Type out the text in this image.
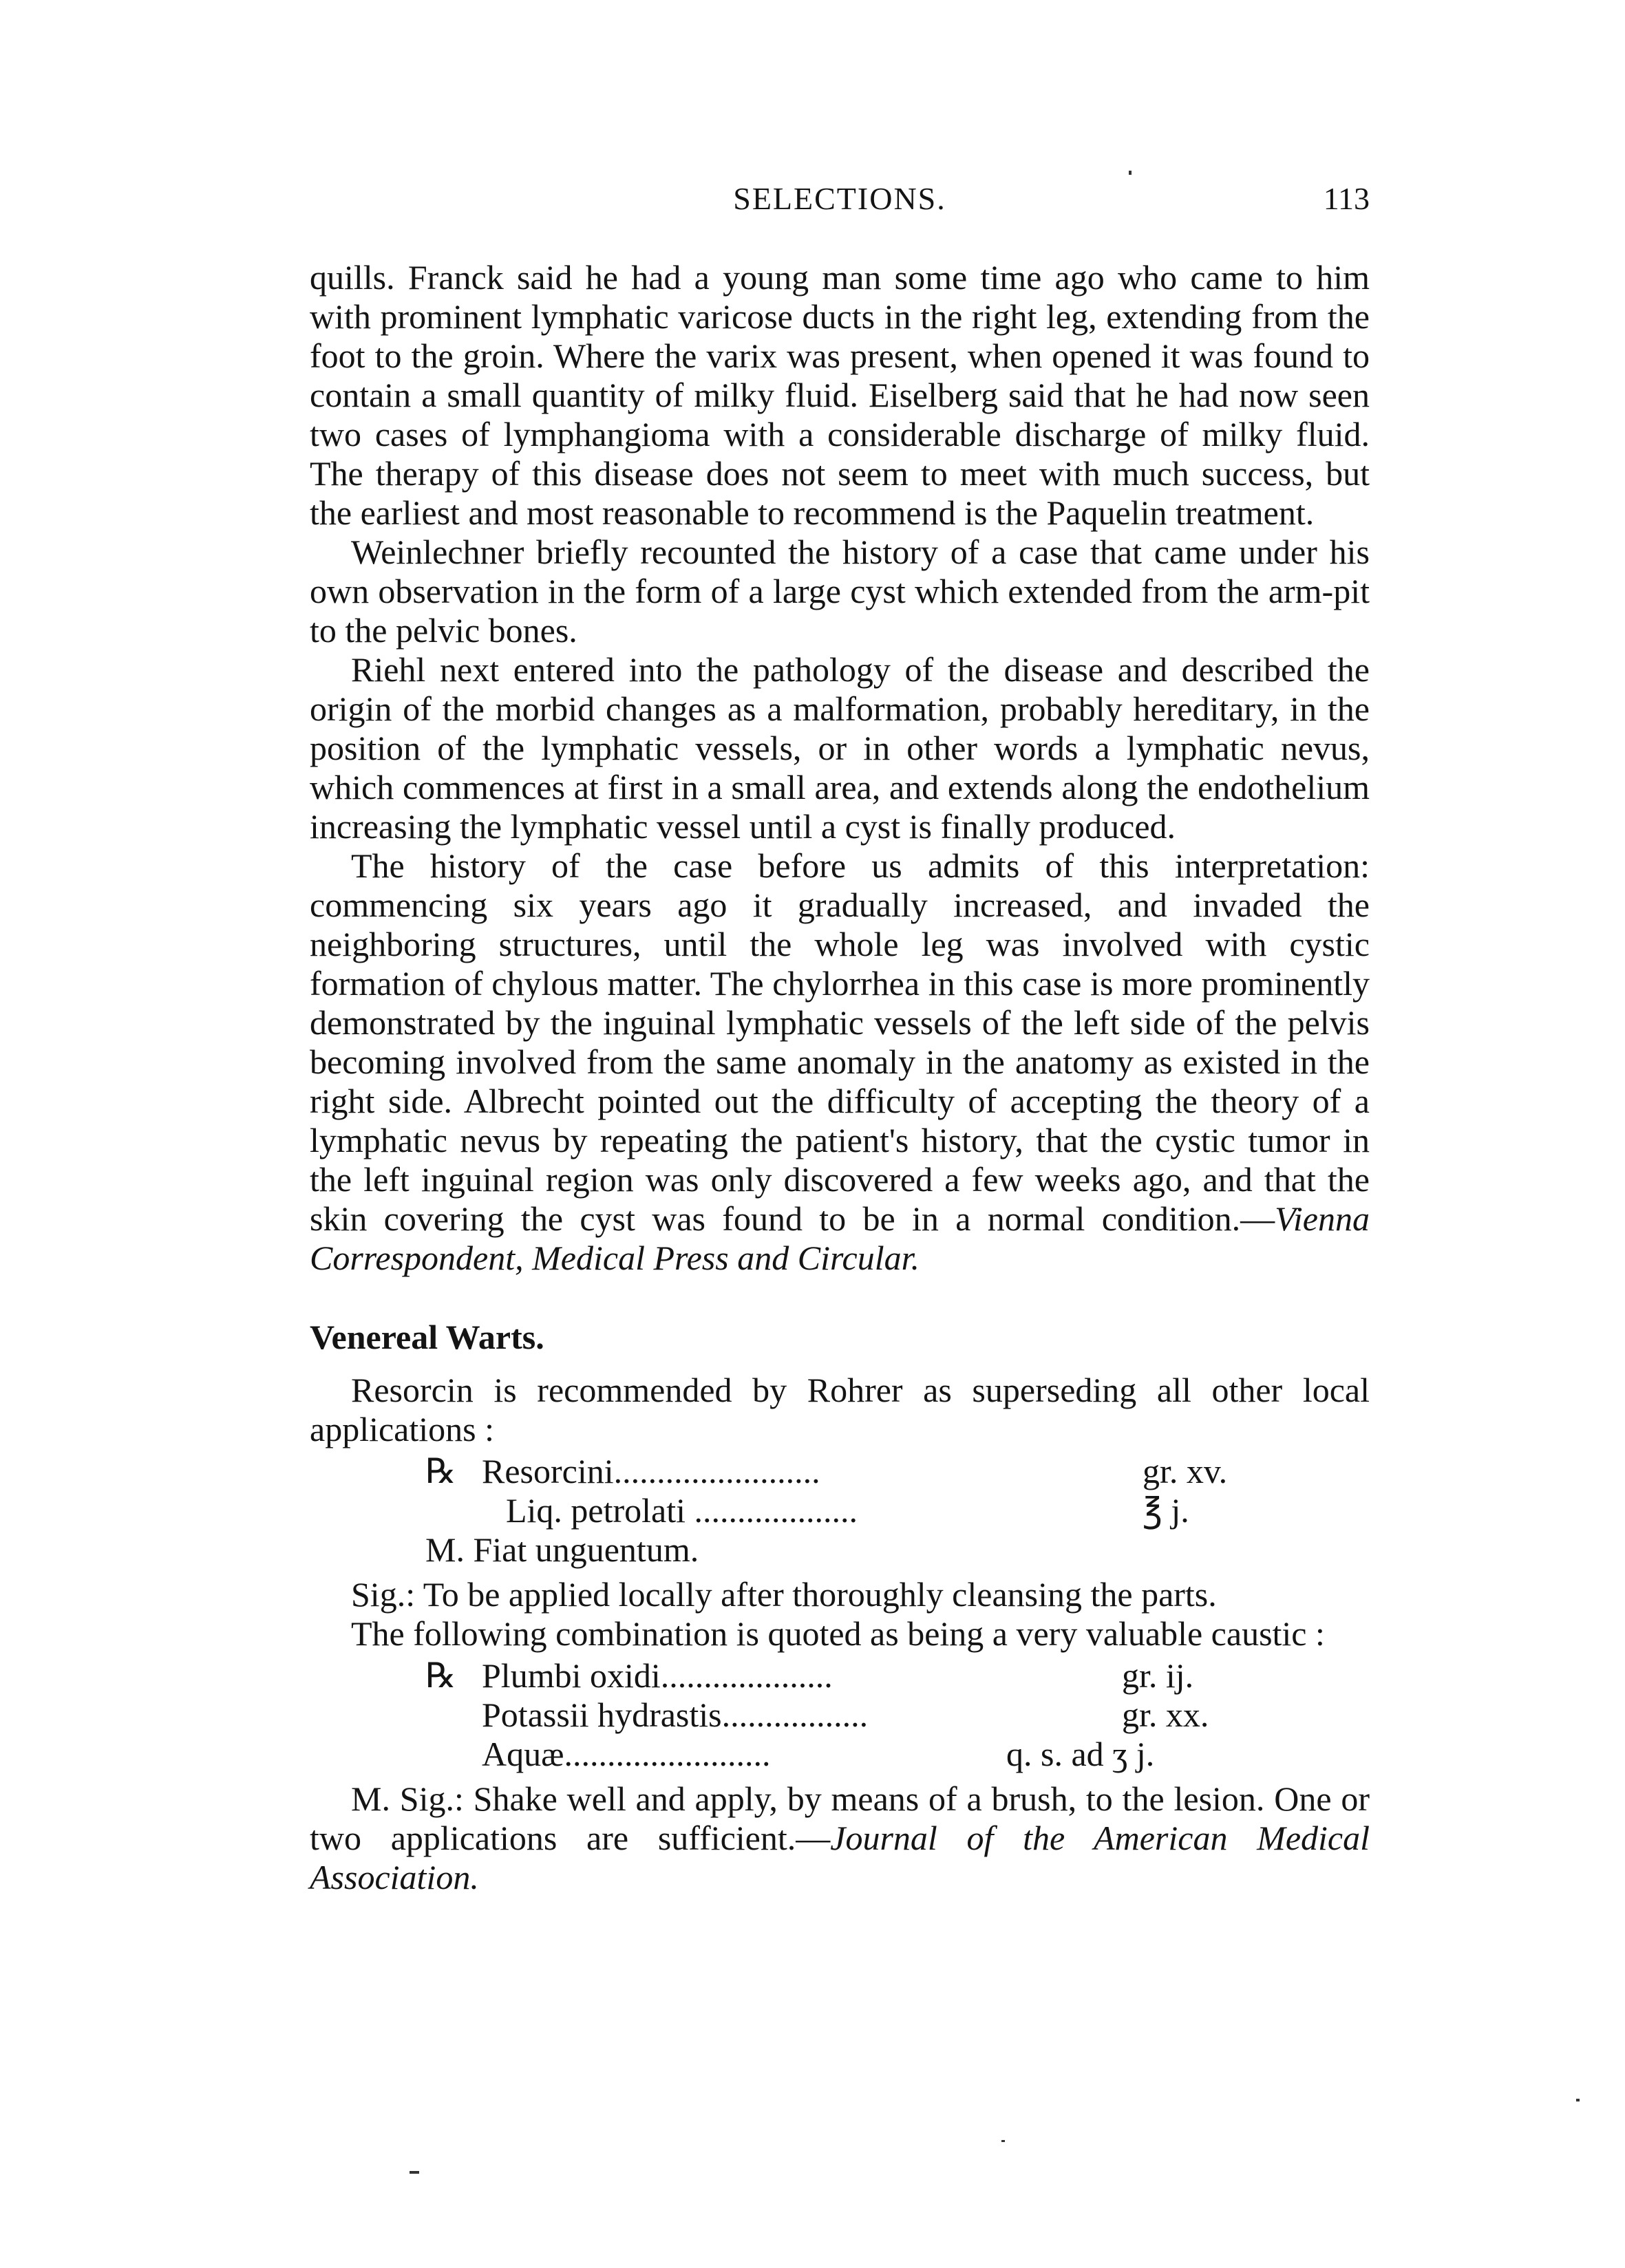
SELECTIONS.	113

quills. Franck said he had a young man some time ago who came to him with prominent lymphatic varicose ducts in the right leg, extending from the foot to the groin. Where the varix was present, when opened it was found to contain a small quantity of milky fluid. Eiselberg said that he had now seen two cases of lymphangioma with a considerable discharge of milky fluid. The therapy of this disease does not seem to meet with much success, but the earliest and most reasonable to recommend is the Paquelin treatment.

Weinlechner briefly recounted the history of a case that came under his own observation in the form of a large cyst which extended from the arm-pit to the pelvic bones.

Riehl next entered into the pathology of the disease and described the origin of the morbid changes as a malformation, probably hereditary, in the position of the lymphatic vessels, or in other words a lymphatic nevus, which commences at first in a small area, and extends along the endothelium increasing the lymphatic vessel until a cyst is finally produced.

The history of the case before us admits of this interpretation: commencing six years ago it gradually increased, and invaded the neighboring structures, until the whole leg was involved with cystic formation of chylous matter. The chylorrhea in this case is more prominently demonstrated by the inguinal lymphatic vessels of the left side of the pelvis becoming involved from the same anomaly in the anatomy as existed in the right side. Albrecht pointed out the difficulty of accepting the theory of a lymphatic nevus by repeating the patient's history, that the cystic tumor in the left inguinal region was only discovered a few weeks ago, and that the skin covering the cyst was found to be in a normal condition.—Vienna Correspondent, Medical Press and Circular.

Venereal Warts.

Resorcin is recommended by Rohrer as superseding all other local applications :

℞ Resorcini........................	gr. xv.
Liq. petrolati ...................	℥ j.
M. Fiat unguentum.

Sig.: To be applied locally after thoroughly cleansing the parts.

The following combination is quoted as being a very valuable caustic :

℞ Plumbi oxidi....................	gr. ij.
Potassii hydrastis.................	gr. xx.
Aquæ........................	q. s. ad ʒ j.

M. Sig.: Shake well and apply, by means of a brush, to the lesion. One or two applications are sufficient.—Journal of the American Medical Association.
